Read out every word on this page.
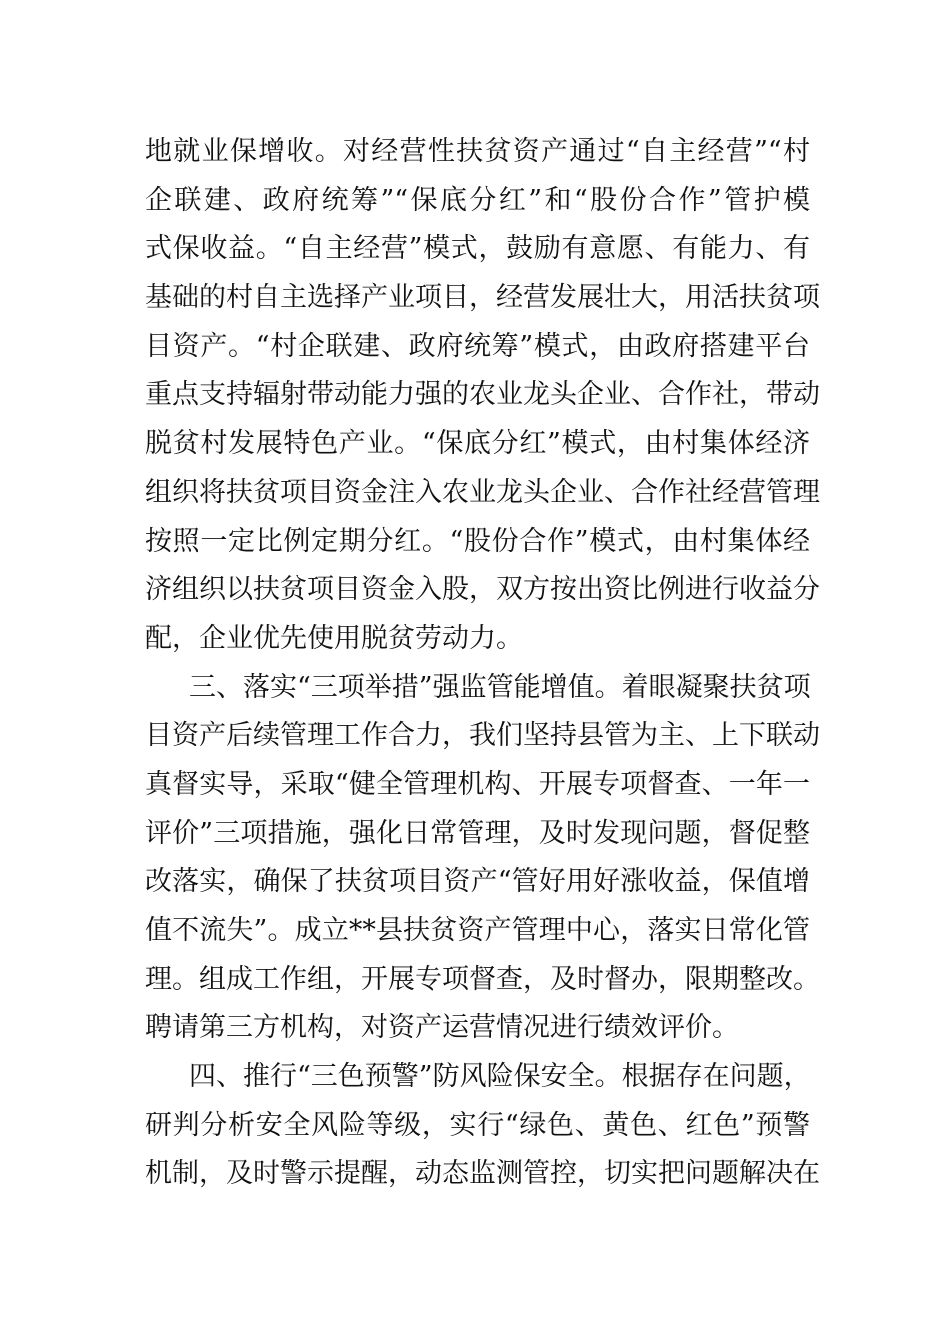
地就业保增收。对经营性扶贫资产通过“自主经营”“村
企联建、政府统筹”“保底分红”和“股份合作”管护模
式保收益。“自主经营”模式，鼓励有意愿、有能力、有
基础的村自主选择产业项目，经营发展壮大，用活扶贫项
目资产。“村企联建、政府统筹”模式，由政府搭建平台
重点支持辐射带动能力强的农业龙头企业、合作社，带动
脱贫村发展特色产业。“保底分红”模式，由村集体经济
组织将扶贫项目资金注入农业龙头企业、合作社经营管理
按照一定比例定期分红。“股份合作”模式，由村集体经
济组织以扶贫项目资金入股，双方按出资比例进行收益分
配，企业优先使用脱贫劳动力。
三、落实“三项举措”强监管能增值。着眼凝聚扶贫项
目资产后续管理工作合力，我们坚持县管为主、上下联动
真督实导，采取“健全管理机构、开展专项督查、一年一
评价”三项措施，强化日常管理，及时发现问题，督促整
改落实，确保了扶贫项目资产“管好用好涨收益，保值增
值不流失”。成立**县扶贫资产管理中心，落实日常化管
理。组成工作组，开展专项督查，及时督办，限期整改。
聘请第三方机构，对资产运营情况进行绩效评价。
四、推行“三色预警”防风险保安全。根据存在问题，
研判分析安全风险等级，实行“绿色、黄色、红色”预警
机制，及时警示提醒，动态监测管控，切实把问题解决在
